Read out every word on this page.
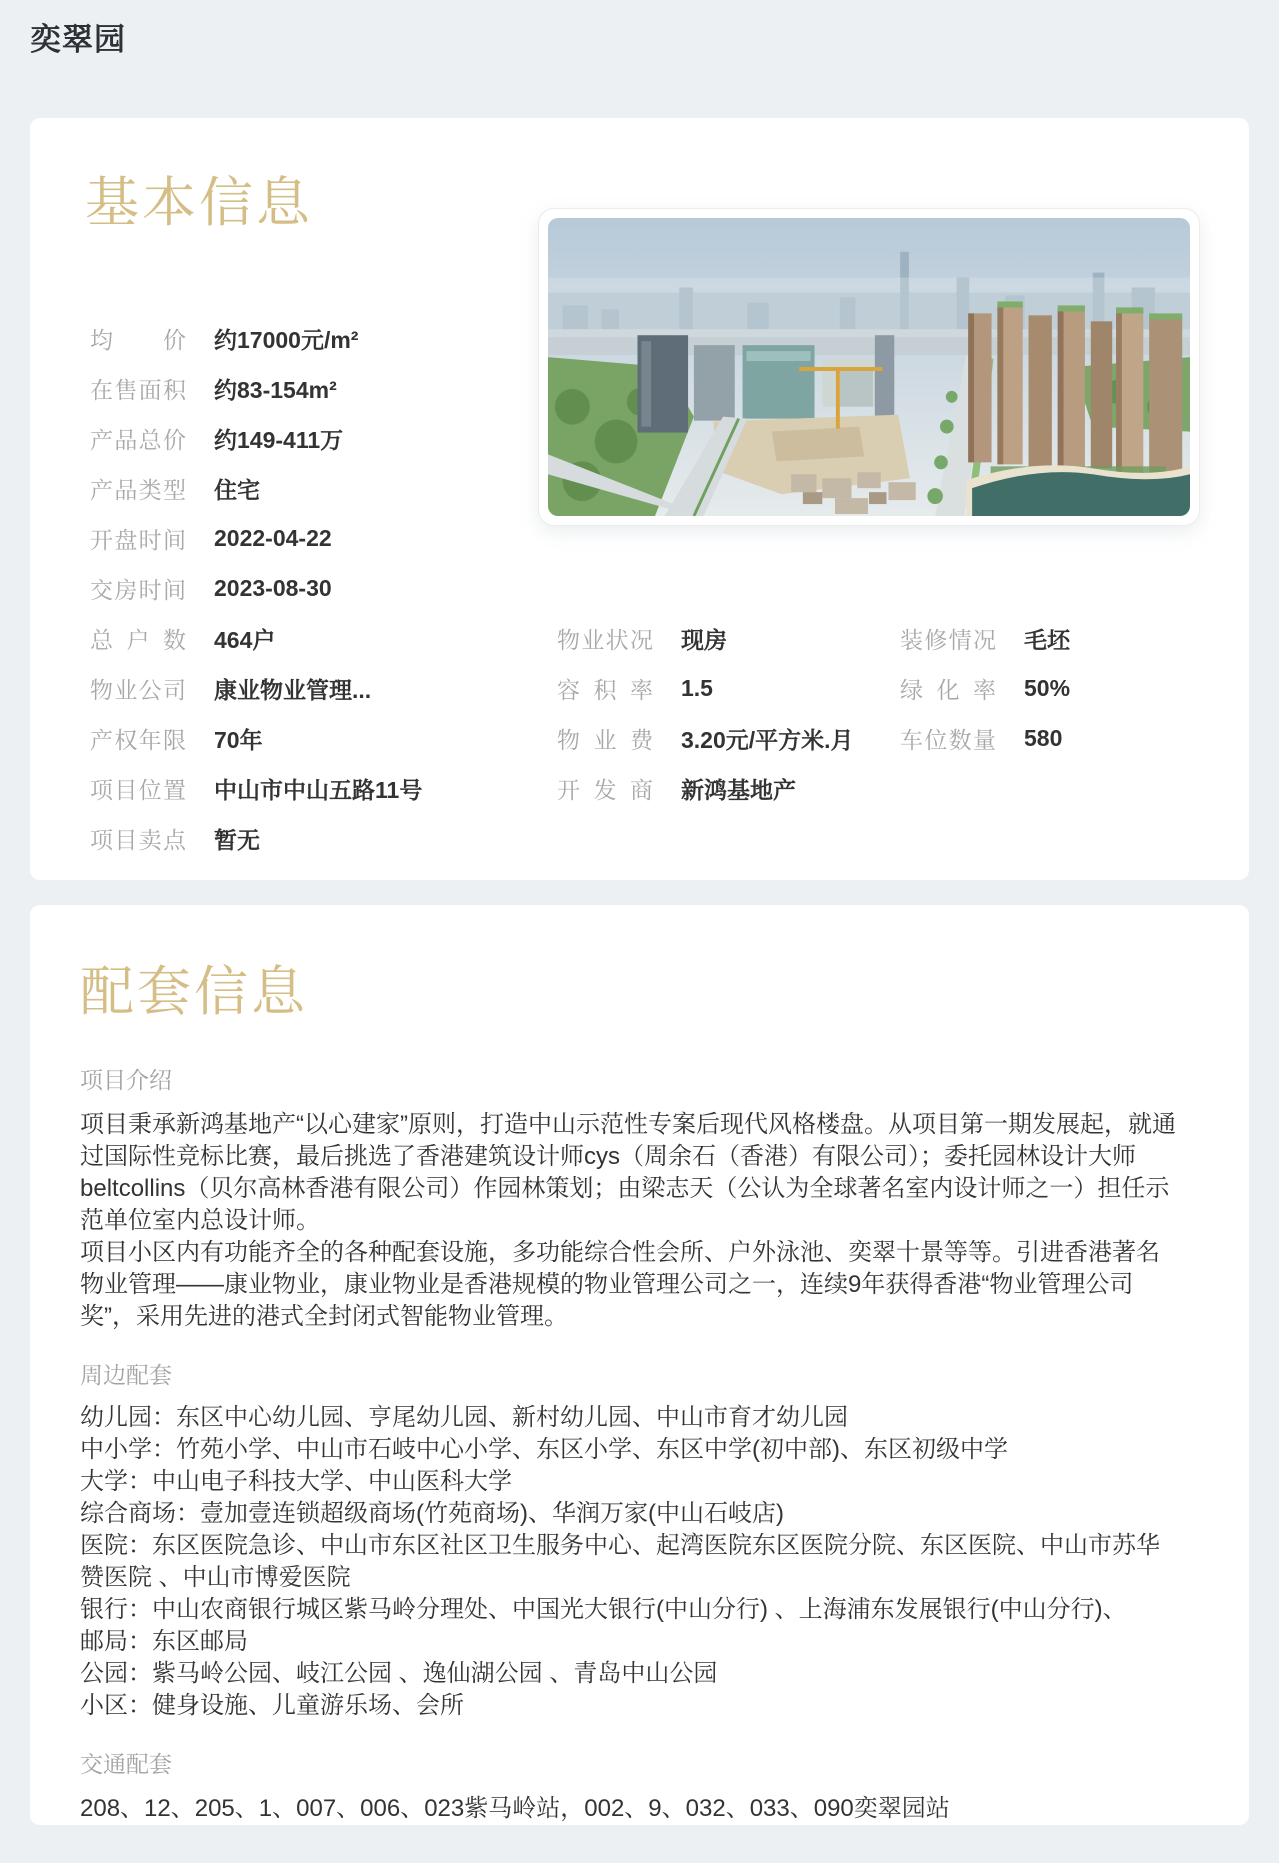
奕翠园
基本信息
均价 约17000元/m²
在售面积 约83-154m²
产品总价 约149-411万
产品类型 住宅
开盘时间 2022-04-22
交房时间 2023-08-30
总户数 464户
物业公司 康业物业管理...
产权年限 70年
项目位置 中山市中山五路11号
项目卖点 暂无
物业状况 现房
容积率 1.5
物业费 3.20元/平方米.月
开发商 新鸿基地产
装修情况 毛坯
绿化率 50%
车位数量 580
配套信息
项目介绍

项目秉承新鸿基地产“以心建家”原则，打造中山示范性专案后现代风格楼盘。从项目第一期发展起，就通过国际性竞标比赛，最后挑选了香港建筑设计师cys（周余石（香港）有限公司）；委托园林设计大师beltcollins（贝尔高林香港有限公司）作园林策划；由梁志天（公认为全球著名室内设计师之一）担任示范单位室内总设计师。

项目小区内有功能齐全的各种配套设施，多功能综合性会所、户外泳池、奕翠十景等等。引进香港著名物业管理——康业物业，康业物业是香港规模的物业管理公司之一，连续9年获得香港“物业管理公司奖”，采用先进的港式全封闭式智能物业管理。

周边配套
幼儿园：东区中心幼儿园、亨尾幼儿园、新村幼儿园、中山市育才幼儿园
中小学：竹苑小学、中山市石岐中心小学、东区小学、东区中学(初中部)、东区初级中学
大学：中山电子科技大学、中山医科大学
综合商场：壹加壹连锁超级商场(竹苑商场)、华润万家(中山石岐店)
医院：东区医院急诊、中山市东区社区卫生服务中心、起湾医院东区医院分院、东区医院、中山市苏华赞医院 、中山市博爱医院
银行：中山农商银行城区紫马岭分理处、中国光大银行(中山分行) 、上海浦东发展银行(中山分行)、
邮局：东区邮局
公园：紫马岭公园、岐江公园 、逸仙湖公园 、青岛中山公园
小区：健身设施、儿童游乐场、会所
交通配套
208、12、205、1、007、006、023紫马岭站，002、9、032、033、090奕翠园站
